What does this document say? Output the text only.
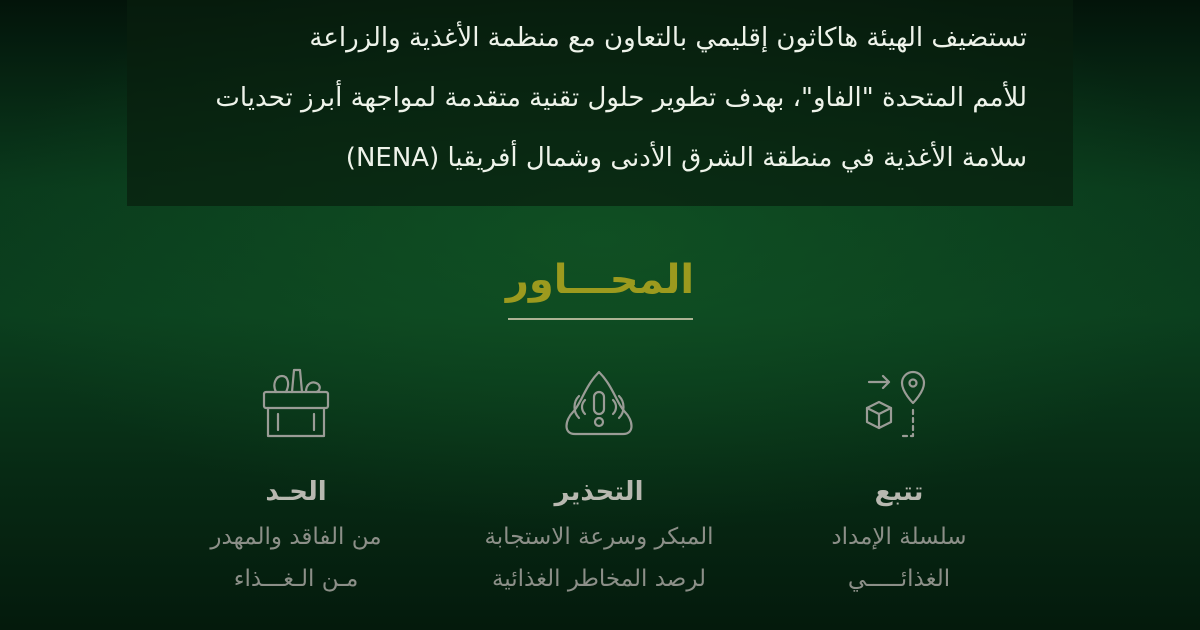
تستضيف الهيئة هاكاثون إقليمي بالتعاون مع منظمة الأغذية والزراعة

للأمم المتحدة "الفاو"، بهدف تطوير حلول تقنية متقدمة لمواجهة أبرز تحديات

سلامة الأغذية في منطقة الشرق الأدنى وشمال أفريقيا (NENA)

المحـــاور

تتبع

سلسلة الإمداد
الغذائـــــي

التحذير

المبكر وسرعة الاستجابة
لرصد المخاطر الغذائية

الحـد

من الفاقد والمهدر
مـن الـغـــذاء
